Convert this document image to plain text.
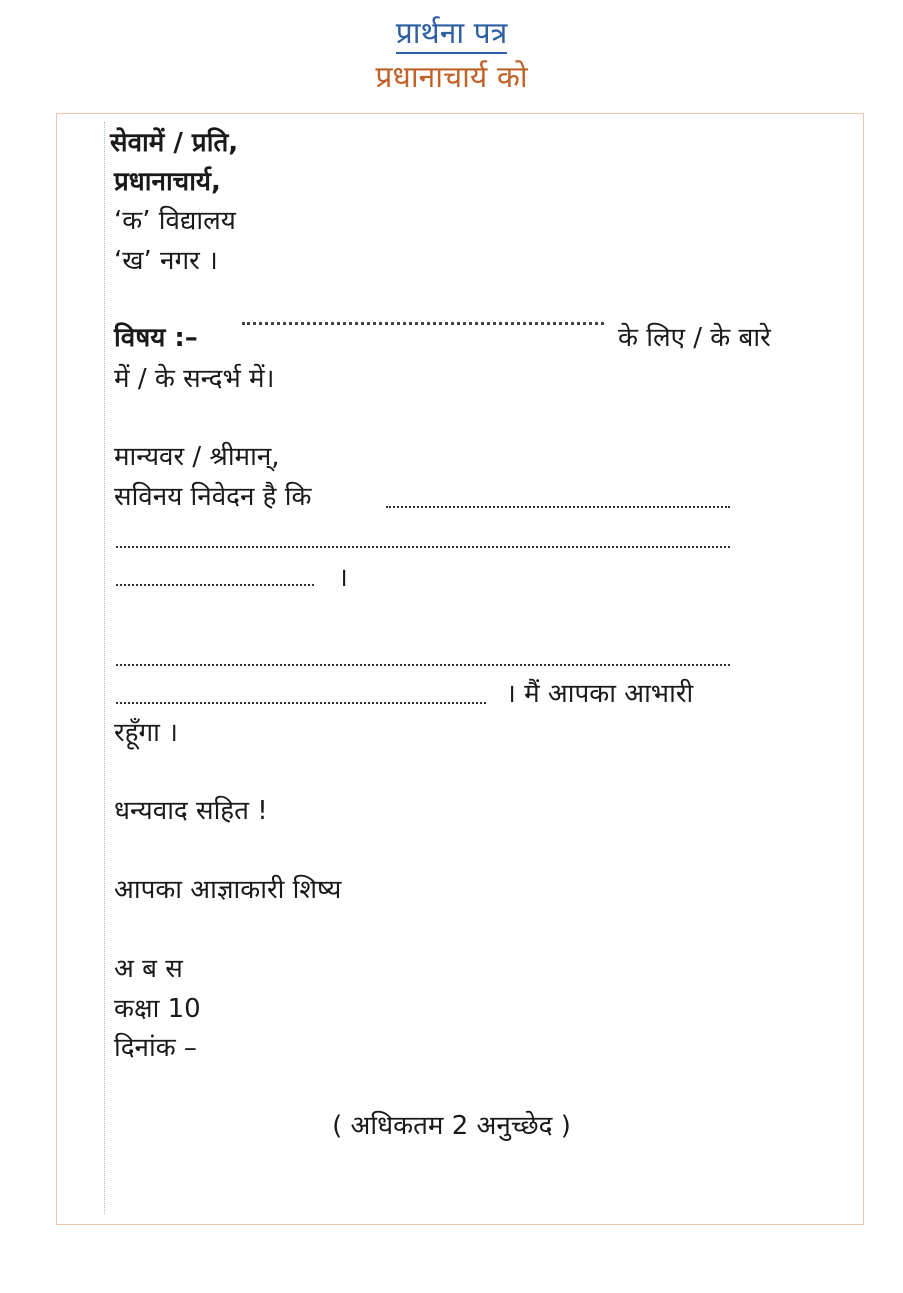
प्रार्थना पत्र
प्रधानाचार्य को
सेवामें / प्रति,
प्रधानाचार्य,
‘क’ विद्यालय
‘ख’ नगर ।
विषय :–	के लिए / के बारे
में / के सन्दर्भ में।
मान्यवर / श्रीमान्,
सविनय निवेदन है कि
।
। मैं आपका आभारी
रहूँगा ।
धन्यवाद सहित !
आपका आज्ञाकारी शिष्य
अ ब स
कक्षा 10
दिनांक –
( अधिकतम 2 अनुच्छेद )
